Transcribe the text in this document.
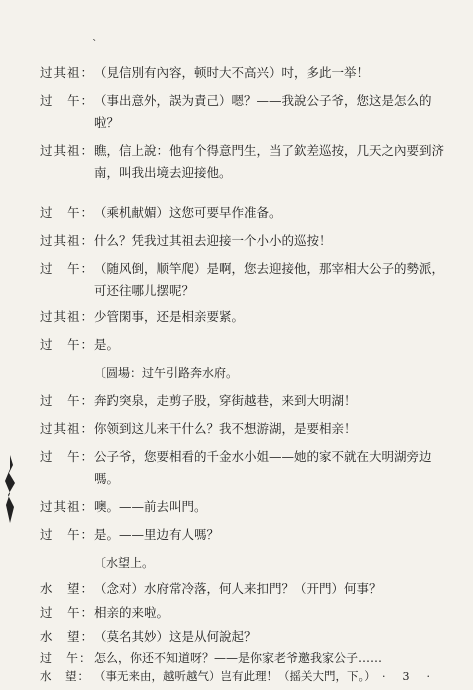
ˋ
过其祖： （見信別有內容，顿时大不高兴）吋，多此一举！
过　午： （事出意外，誤为責己）嗯？——我說公子爷，您这是怎么的啦？
过其祖： 瞧，信上說：他有个得意門生，当了欽差巡按，几天之內要到济南，叫我出境去迎接他。
过　午： （乘机献媚）这您可要早作准备。
过其祖： 什么？凭我过其祖去迎接一个小小的巡按！
过　午： （随风倒，顺竿爬）是啊，您去迎接他，那宰相大公子的勢派，可还往哪儿摆呢？
过其祖： 少管閑事，还是相亲要紧。
过　午： 是。
〔圆場：过午引路奔水府。
过　午： 奔趵突泉，走剪子股，穿街越巷，来到大明湖！
过其祖： 你领到这儿来干什么？我不想游湖，是要相亲！
过　午： 公子爷，您要相看的千金水小姐——她的家不就在大明湖旁边嗎。
过其祖： 噢。——前去叫門。
过　午： 是。——里边有人嗎？
〔水望上。
水　望： （念对）水府常冷落，何人来扣門？（开門）何事？
过　午： 相亲的来啦。
水　望： （莫名其妙）这是从何說起？
过　午： 怎么，你还不知道呀？——是你家老爷邀我家公子……
水　望： （事无来由，越听越气）岂有此理！（摇关大門，下。） ·　3　·
